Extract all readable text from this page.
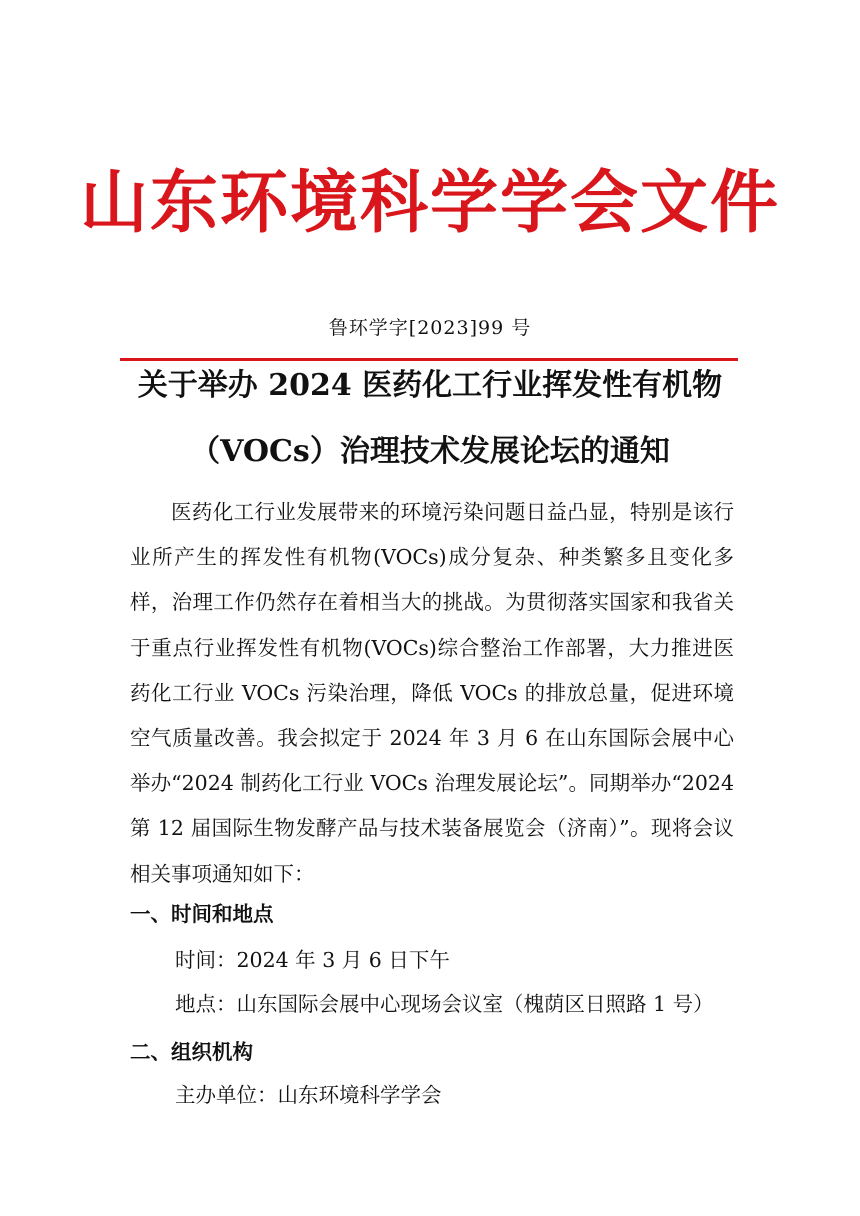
山东环境科学学会文件
鲁环学字[2023]99 号
关于举办 2024 医药化工行业挥发性有机物
（VOCs）治理技术发展论坛的通知

医药化工行业发展带来的环境污染问题日益凸显，特别是该行业所产生的挥发性有机物(VOCs)成分复杂、种类繁多且变化多样，治理工作仍然存在着相当大的挑战。为贯彻落实国家和我省关于重点行业挥发性有机物(VOCs)综合整治工作部署，大力推进医药化工行业 VOCs 污染治理，降低 VOCs 的排放总量，促进环境空气质量改善。我会拟定于 2024 年 3 月 6 在山东国际会展中心举办“2024 制药化工行业 VOCs 治理发展论坛”。同期举办“2024 第 12 届国际生物发酵产品与技术装备展览会（济南）”。现将会议相关事项通知如下：

一、时间和地点
时间：2024 年 3 月 6 日下午
地点：山东国际会展中心现场会议室（槐荫区日照路 1 号）
二、组织机构
主办单位：山东环境科学学会
